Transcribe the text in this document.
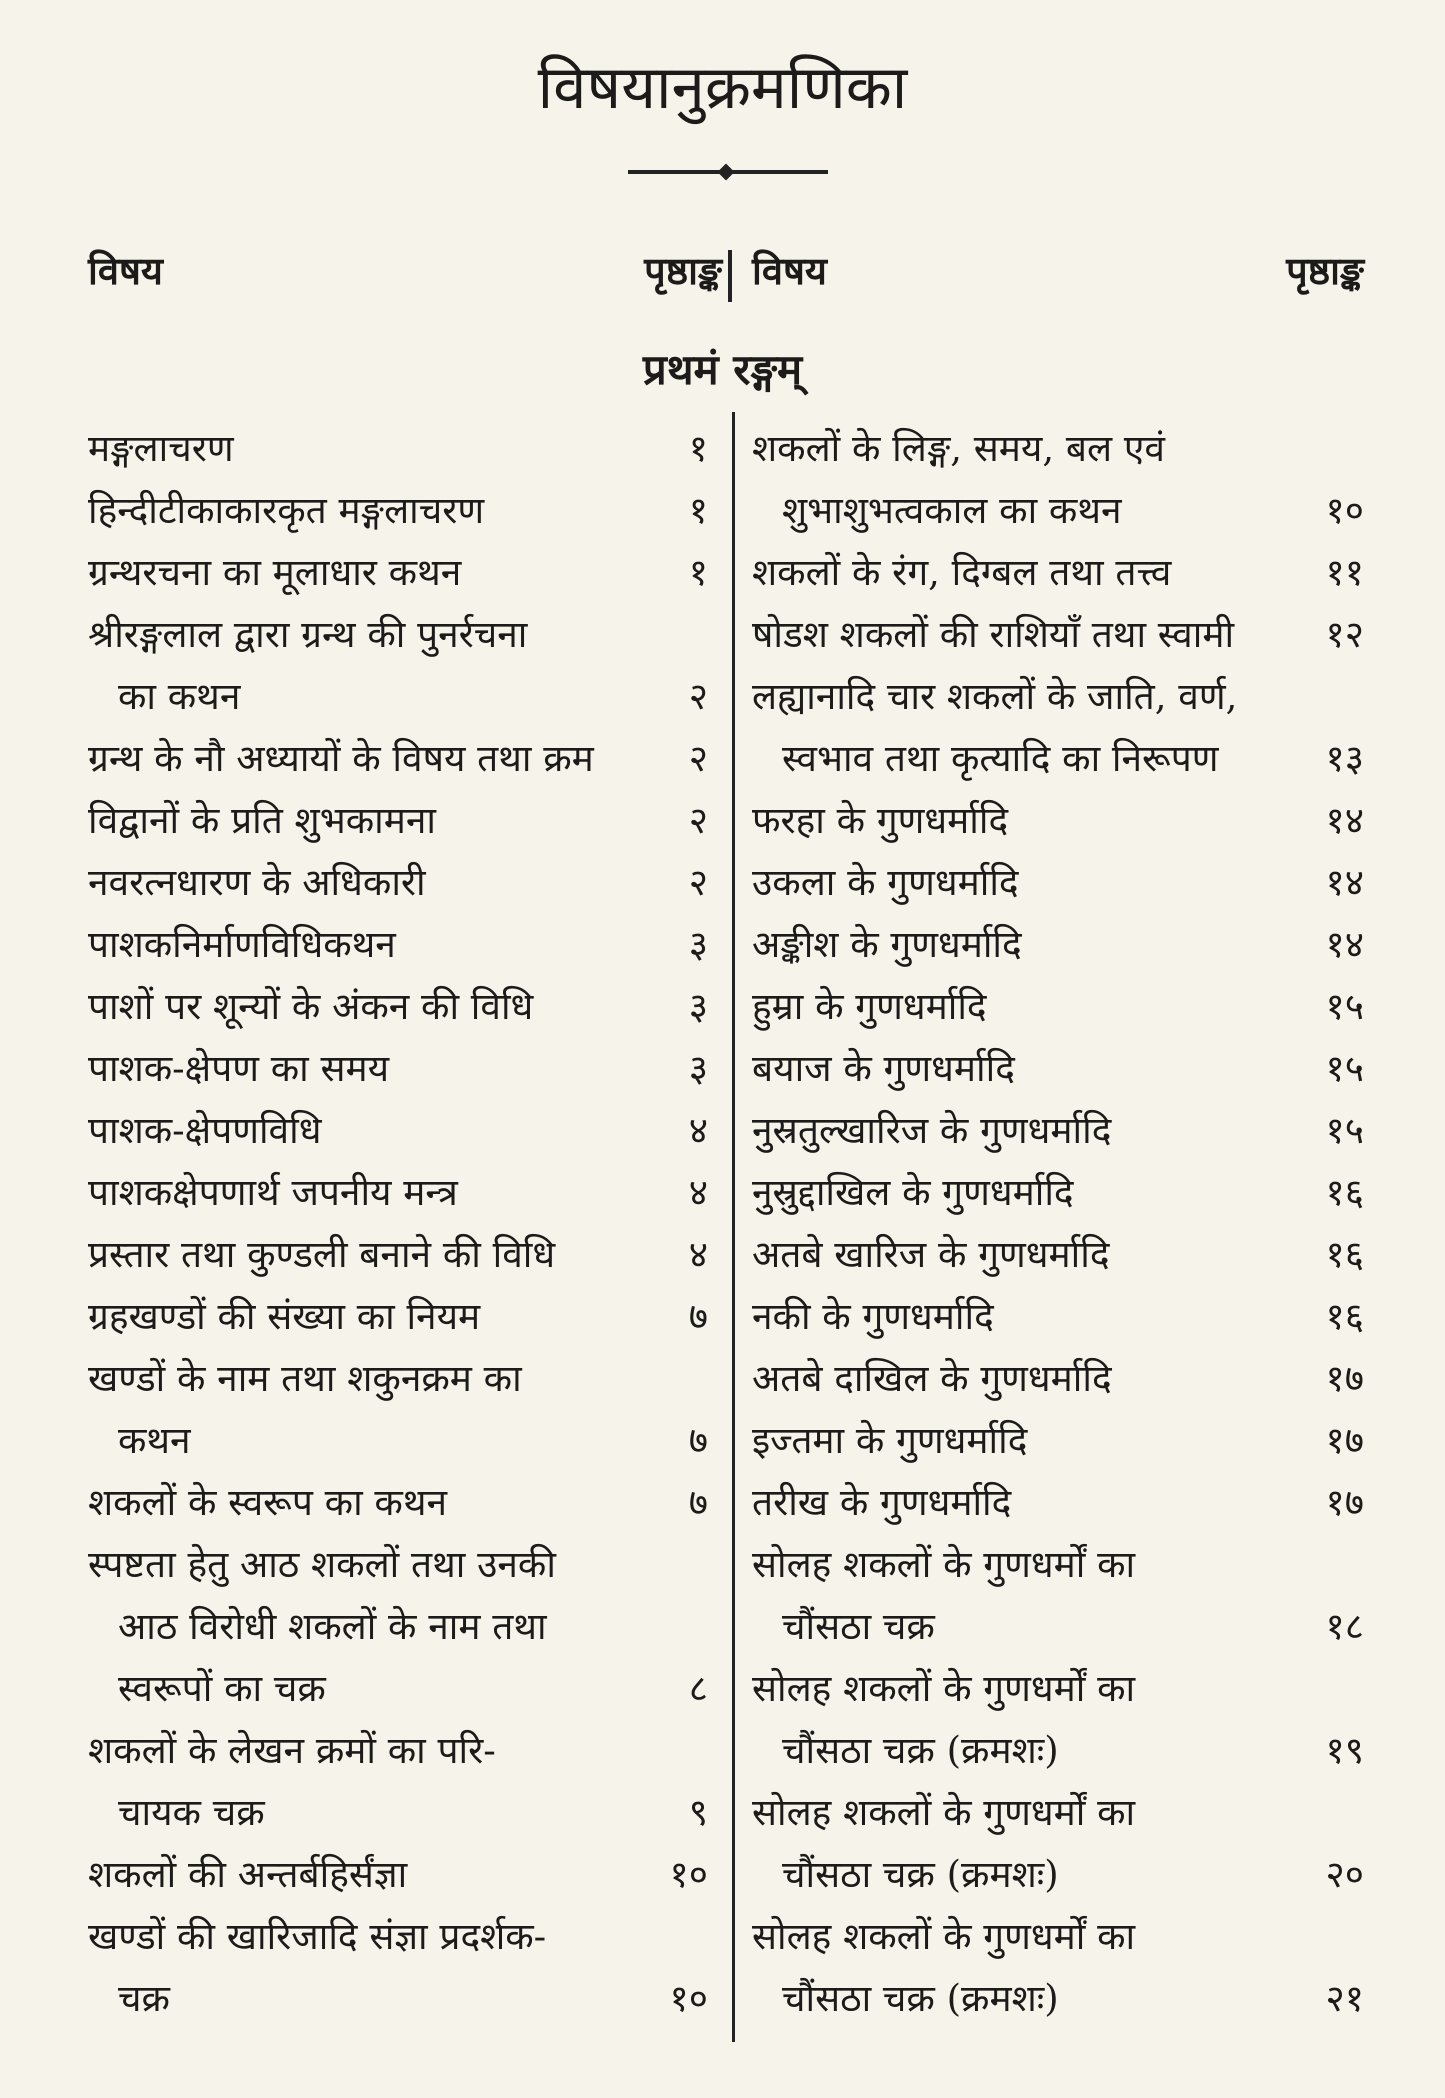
विषयानुक्रमणिका
विषय	पृष्ठाङ्क विषय	पृष्ठाङ्क
प्रथमं रङ्गम्
मङ्गलाचरण	१
हिन्दीटीकाकारकृत मङ्गलाचरण	१
ग्रन्थरचना का मूलाधार कथन	१
श्रीरङ्गलाल द्वारा ग्रन्थ की पुनर्रचना
का कथन	२
ग्रन्थ के नौ अध्यायों के विषय तथा क्रम	२
विद्वानों के प्रति शुभकामना	२
नवरत्नधारण के अधिकारी	२
पाशकनिर्माणविधिकथन	३
पाशों पर शून्यों के अंकन की विधि	३
पाशक-क्षेपण का समय	३
पाशक-क्षेपणविधि	४
पाशकक्षेपणार्थ जपनीय मन्त्र	४
प्रस्तार तथा कुण्डली बनाने की विधि	४
ग्रहखण्डों की संख्या का नियम	७
खण्डों के नाम तथा शकुनक्रम का
कथन	७
शकलों के स्वरूप का कथन	७
स्पष्टता हेतु आठ शकलों तथा उनकी
आठ विरोधी शकलों के नाम तथा
स्वरूपों का चक्र	८
शकलों के लेखन क्रमों का परि-
चायक चक्र	९
शकलों की अन्तर्बहिर्संज्ञा	१०
खण्डों की खारिजादि संज्ञा प्रदर्शक-
चक्र	१०
शकलों के लिङ्ग, समय, बल एवं
शुभाशुभत्वकाल का कथन	१०
शकलों के रंग, दिग्बल तथा तत्त्व	११
षोडश शकलों की राशियाँ तथा स्वामी	१२
लह्यानादि चार शकलों के जाति, वर्ण,
स्वभाव तथा कृत्यादि का निरूपण	१३
फरहा के गुणधर्मादि	१४
उकला के गुणधर्मादि	१४
अङ्कीश के गुणधर्मादि	१४
हुम्रा के गुणधर्मादि	१५
बयाज के गुणधर्मादि	१५
नुस्रतुल्खारिज के गुणधर्मादि	१५
नुस्रुद्दाखिल के गुणधर्मादि	१६
अतबे खारिज के गुणधर्मादि	१६
नकी के गुणधर्मादि	१६
अतबे दाखिल के गुणधर्मादि	१७
इज्तमा के गुणधर्मादि	१७
तरीख के गुणधर्मादि	१७
सोलह शकलों के गुणधर्मों का
चौंसठा चक्र	१८
सोलह शकलों के गुणधर्मों का
चौंसठा चक्र (क्रमशः)	१९
सोलह शकलों के गुणधर्मों का
चौंसठा चक्र (क्रमशः)	२०
सोलह शकलों के गुणधर्मों का
चौंसठा चक्र (क्रमशः)	२१
